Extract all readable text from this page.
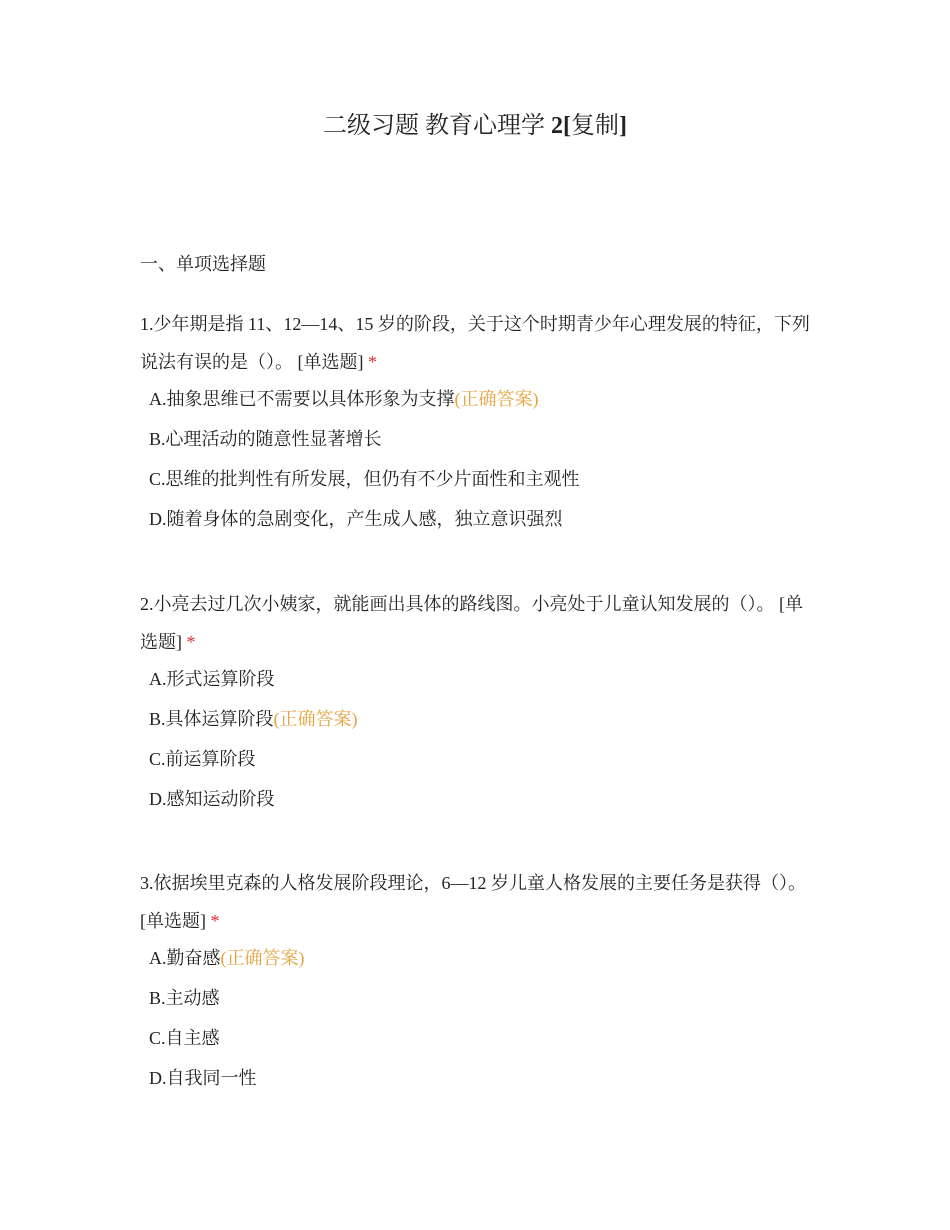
二级习题 教育心理学 2[复制]
一、单项选择题

1.少年期是指 11、12—14、15 岁的阶段，关于这个时期青少年心理发展的特征，下列说法有误的是（）。 [单选题] *

A.抽象思维已不需要以具体形象为支撑(正确答案)
B.心理活动的随意性显著增长
C.思维的批判性有所发展，但仍有不少片面性和主观性
D.随着身体的急剧变化，产生成人感，独立意识强烈

2.小亮去过几次小姨家，就能画出具体的路线图。小亮处于儿童认知发展的（）。 [单选题] *

A.形式运算阶段
B.具体运算阶段(正确答案)
C.前运算阶段
D.感知运动阶段

3.依据埃里克森的人格发展阶段理论，6—12 岁儿童人格发展的主要任务是获得（）。 [单选题] *

A.勤奋感(正确答案)
B.主动感
C.自主感
D.自我同一性
